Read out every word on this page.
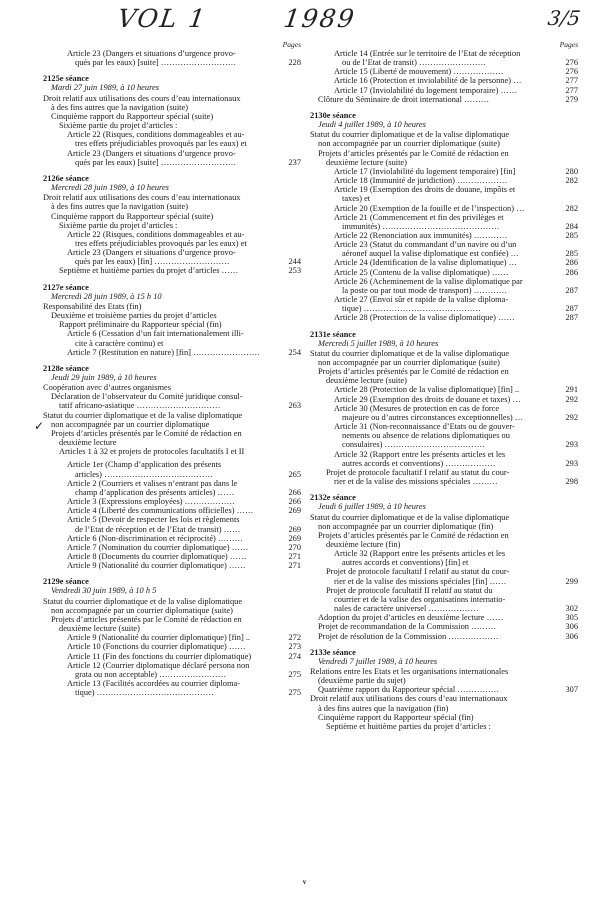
VOL 1	1989	3/5
✓
Pages
Article 23 (Dangers et situations d’urgence provo-
qués par les eaux) [suite] ………………………	228
2125e séance
Mardi 27 juin 1989, à 10 heures
Droit relatif aux utilisations des cours d’eau internationaux
à des fins autres que la navigation (suite)
Cinquième rapport du Rapporteur spécial (suite)
Sixième partie du projet d’articles :
Article 22 (Risques, conditions dommageables et au-
tres effets préjudiciables provoqués par les eaux) et
Article 23 (Dangers et situations d’urgence provo-
qués par les eaux) [suite] ………………………	237
2126e séance
Mercredi 28 juin 1989, à 10 heures
Droit relatif aux utilisations des cours d’eau internationaux
à des fins autres que la navigation (suite)
Cinquième rapport du Rapporteur spécial (suite)
Sixième partie du projet d’articles :
Article 22 (Risques, conditions dommageables et au-
tres effets préjudiciables provoqués par les eaux) et
Article 23 (Dangers et situations d’urgence provo-
qués par les eaux) [fin] ………………………	244
Septième et huitième parties du projet d’articles ……	253
2127e séance
Mercredi 28 juin 1989, à 15 h 10
Responsabilité des Etats (fin)
Deuxième et troisième parties du projet d’articles
Rapport préliminaire du Rapporteur spécial (fin)
Article 6 (Cessation d’un fait internationalement illi-
cite à caractère continu) et
Article 7 (Restitution en nature) [fin] ……………………	254
2128e séance
Jeudi 29 juin 1989, à 10 heures
Coopération avec d’autres organismes
Déclaration de l’observateur du Comité juridique consul-
tatif africano-asiatique …………………………	263
Statut du courrier diplomatique et de la valise diplomatique
non accompagnée par un courrier diplomatique
Projets d’articles présentés par le Comité de rédaction en
deuxième lecture
Articles 1 à 32 et projets de protocoles facultatifs I et II
Article 1er (Champ d’application des présents
articles) …………………………………	265
Article 2 (Courriers et valises n’entrant pas dans le
champ d’application des présents articles) ……	266
Article 3 (Expressions employées) ………………	266
Article 4 (Liberté des communications officielles) ……	269
Article 5 (Devoir de respecter les lois et règlements
de l’Etat de réception et de l’Etat de transit) ……	269
Article 6 (Non-discrimination et réciprocité) ………	269
Article 7 (Nomination du courrier diplomatique) ……	270
Article 8 (Documents du courrier diplomatique) ……	271
Article 9 (Nationalité du courrier diplomatique) ……	271
2129e séance
Vendredi 30 juin 1989, à 10 h 5
Statut du courrier diplomatique et de la valise diplomatique
non accompagnée par un courrier diplomatique (suite)
Projets d’articles présentés par le Comité de rédaction en
deuxième lecture (suite)
Article 9 (Nationalité du courrier diplomatique) [fin] ..	272
Article 10 (Fonctions du courrier diplomatique) ……	273
Article 11 (Fin des fonctions du courrier diplomatique)	274
Article 12 (Courrier diplomatique déclaré persona non
grata ou non acceptable) ……………………	275
Article 13 (Facilités accordées au courrier diploma-
tique) ……………………………………	275
Pages
Article 14 (Entrée sur le territoire de l’Etat de réception
ou de l’Etat de transit) ……………………	276
Article 15 (Liberté de mouvement) ………………	276
Article 16 (Protection et inviolabilité de la personne) …	277
Article 17 (Inviolabilité du logement temporaire) ……	277
Clôture du Séminaire de droit international ………	279
2130e séance
Jeudi 4 juillet 1989, à 10 heures
Statut du courrier diplomatique et de la valise diplomatique
non accompagnée par un courrier diplomatique (suite)
Projets d’articles présentés par le Comité de rédaction en
deuxième lecture (suite)
Article 17 (Inviolabilité du logement temporaire) [fin]	280
Article 18 (Immunité de juridiction) ………………	282
Article 19 (Exemption des droits de douane, impôts et
taxes) et
Article 20 (Exemption de la fouille et de l’inspection) …	282
Article 21 (Commencement et fin des privilèges et
immunités) ……………………………………	284
Article 22 (Renonciation aux immunités) …………	285
Article 23 (Statut du commandant d’un navire ou d’un
aéronef auquel la valise diplomatique est confiée) …	285
Article 24 (Identification de la valise diplomatique) …	286
Article 25 (Contenu de la valise diplomatique) ……	286
Article 26 (Acheminement de la valise diplomatique par
la poste ou par tout mode de transport) …………	287
Article 27 (Envoi sûr et rapide de la valise diploma-
tique) ……………………………………	287
Article 28 (Protection de la valise diplomatique) ……	287
2131e séance
Mercredi 5 juillet 1989, à 10 heures
Statut du courrier diplomatique et de la valise diplomatique
non accompagnée par un courrier diplomatique (suite)
Projets d’articles présentés par le Comité de rédaction en
deuxième lecture (suite)
Article 28 (Protection de la valise diplomatique) [fin] ..	291
Article 29 (Exemption des droits de douane et taxes) …	292
Article 30 (Mesures de protection en cas de force
majeure ou d’autres circonstances exceptionnelles) …	292
Article 31 (Non-reconnaissance d’Etats ou de gouver-
nements ou absence de relations diplomatiques ou
consulaires) ………………………………	293
Article 32 (Rapport entre les présents articles et les
autres accords et conventions) ………………	293
Projet de protocole facultatif I relatif au statut du cour-
rier et de la valise des missions spéciales ………	298
2132e séance
Jeudi 6 juillet 1989, à 10 heures
Statut du courrier diplomatique et de la valise diplomatique
non accompagnée par un courrier diplomatique (fin)
Projets d’articles présentés par le Comité de rédaction en
deuxième lecture (fin)
Article 32 (Rapport entre les présents articles et les
autres accords et conventions) [fin] et
Projet de protocole facultatif I relatif au statut du cour-
rier et de la valise des missions spéciales [fin] ……	299
Projet de protocole facultatif II relatif au statut du
courrier et de la valise des organisations internatio-
nales de caractère universel ………………	302
Adoption du projet d’articles en deuxième lecture ……	305
Projet de recommandation de la Commission ………	306
Projet de résolution de la Commission ………………	306
2133e séance
Vendredi 7 juillet 1989, à 10 heures
Relations entre les Etats et les organisations internationales
(deuxième partie du sujet)
Quatrième rapport du Rapporteur spécial ……………	307
Droit relatif aux utilisations des cours d’eau internationaux
à des fins autres que la navigation (fin)
Cinquième rapport du Rapporteur spécial (fin)
Septième et huitième parties du projet d’articles :
v
